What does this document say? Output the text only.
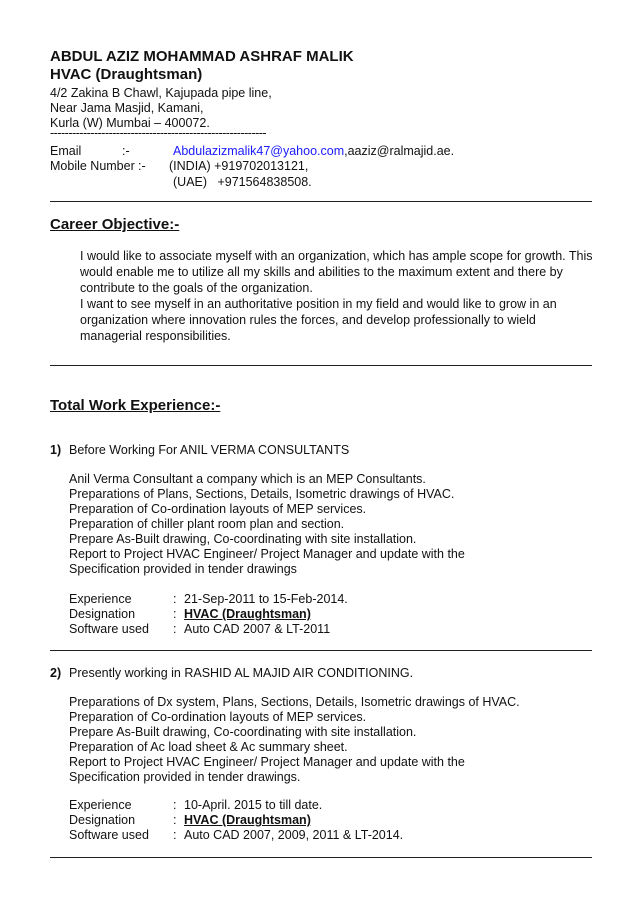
ABDUL AZIZ MOHAMMAD ASHRAF MALIK
HVAC (Draughtsman)
4/2 Zakina B Chawl, Kajupada pipe line,
Near Jama Masjid, Kamani,
Kurla (W) Mumbai – 400072.
-----------------------------------------------------------
Email	:-	Abdulazizmalik47@yahoo.com,aaziz@ralmajid.ae.
Mobile Number :- (INDIA) +919702013121,
(UAE)   +971564838508.
Career Objective:-

I would like to associate myself with an organization, which has ample scope for growth. This would enable me to utilize all my skills and abilities to the maximum extent and there by contribute to the goals of the organization.

I want to see myself in an authoritative position in my field and would like to grow in an organization where innovation rules the forces, and develop professionally to wield managerial responsibilities.

Total Work Experience:-
1) Before Working For ANIL VERMA CONSULTANTS
Anil Verma Consultant a company which is an MEP Consultants.
Preparations of Plans, Sections, Details, Isometric drawings of HVAC.
Preparation of Co-ordination layouts of MEP services.
Preparation of chiller plant room plan and section.
Prepare As-Built drawing, Co-coordinating with site installation.
Report to Project HVAC Engineer/ Project Manager and update with the
Specification provided in tender drawings
Experience	: 21-Sep-2011 to 15-Feb-2014.
Designation	: HVAC (Draughtsman)
Software used : Auto CAD 2007 & LT-2011
2) Presently working in RASHID AL MAJID AIR CONDITIONING.
Preparations of Dx system, Plans, Sections, Details, Isometric drawings of HVAC.
Preparation of Co-ordination layouts of MEP services.
Prepare As-Built drawing, Co-coordinating with site installation.
Preparation of Ac load sheet & Ac summary sheet.
Report to Project HVAC Engineer/ Project Manager and update with the
Specification provided in tender drawings.
Experience	: 10-April. 2015 to till date.
Designation	: HVAC (Draughtsman)
Software used : Auto CAD 2007, 2009, 2011 & LT-2014.
